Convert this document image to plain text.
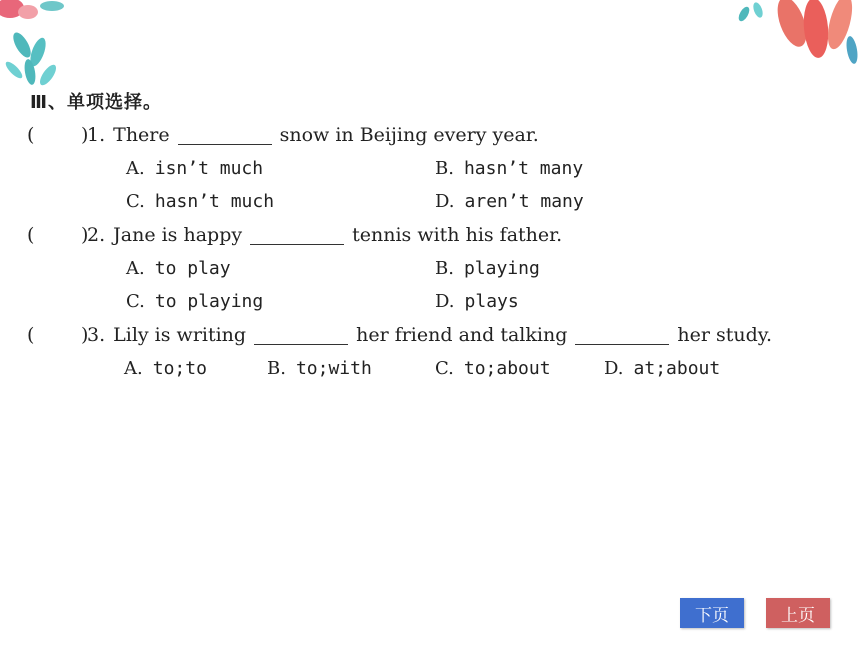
Ⅲ、单项选择。
( )
1. There	snow in Beijing every year.
A. isn’t much	B. hasn’t many
C. hasn’t much	D. aren’t many
( )
2. Jane is happy	tennis with his father.
A. to play	B. playing
C. to playing	D. plays
( )
3. Lily is writing	her friend and talking	her study.
A. to;to	B. to;with	C. to;about	D. at;about
下页	上页
